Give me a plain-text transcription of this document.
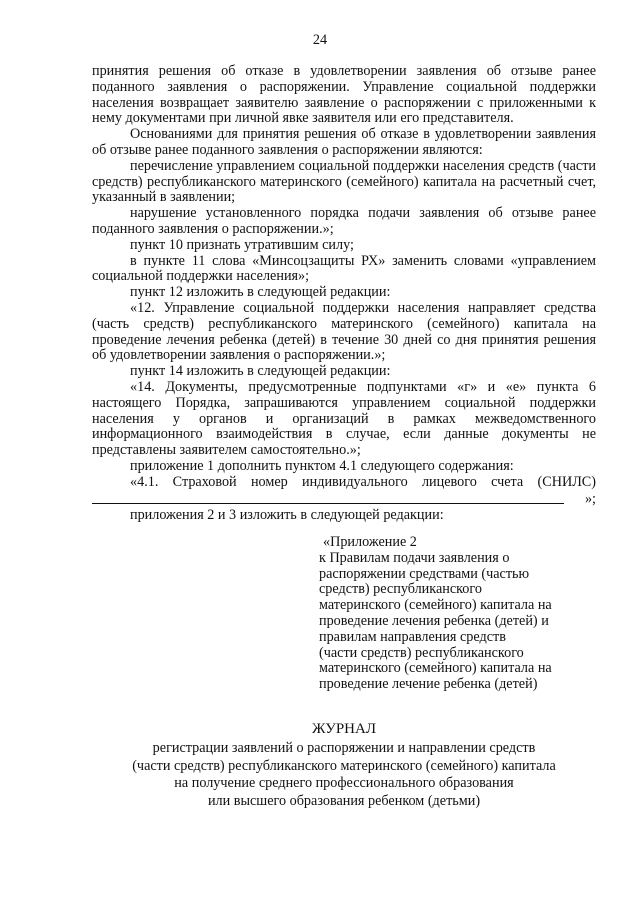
24

принятия решения об отказе в удовлетворении заявления об отзыве ранее поданного заявления о распоряжении. Управление социальной поддержки населения возвращает заявителю заявление о распоряжении с приложенными к нему документами при личной явке заявителя или его представителя.

Основаниями для принятия решения об отказе в удовлетворении заявления об отзыве ранее поданного заявления о распоряжении являются:

перечисление управлением социальной поддержки населения средств (части средств) республиканского материнского (семейного) капитала на расчетный счет, указанный в заявлении;

нарушение установленного порядка подачи заявления об отзыве ранее поданного заявления о распоряжении.»;

пункт 10 признать утратившим силу;

в пункте 11 слова «Минсоцзащиты РХ» заменить словами «управлением социальной поддержки населения»;

пункт 12 изложить в следующей редакции:

«12. Управление социальной поддержки населения направляет средства (часть средств) республиканского материнского (семейного) капитала на проведение лечения ребенка (детей) в течение 30 дней со дня принятия решения об удовлетворении заявления о распоряжении.»;

пункт 14 изложить в следующей редакции:

«14. Документы, предусмотренные подпунктами «г» и «е» пункта 6 настоящего Порядка, запрашиваются управлением социальной поддержки населения у органов и организаций в рамках межведомственного информационного взаимодействия в случае, если данные документы не представлены заявителем самостоятельно.»;

приложение 1 дополнить пунктом 4.1 следующего содержания:

«4.1. Страховой номер индивидуального лицевого счета (СНИЛС)

»;

приложения 2 и 3 изложить в следующей редакции:

«Приложение 2

к Правилам подачи заявления о

распоряжении средствами (частью

средств) республиканского

материнского (семейного) капитала на

проведение лечения ребенка (детей) и

правилам направления средств

(части средств) республиканского

материнского (семейного) капитала на

проведение лечение ребенка (детей)

ЖУРНАЛ
регистрации заявлений о распоряжении и направлении средств
(части средств) республиканского материнского (семейного) капитала
на получение среднего профессионального образования
или высшего образования ребенком (детьми)
